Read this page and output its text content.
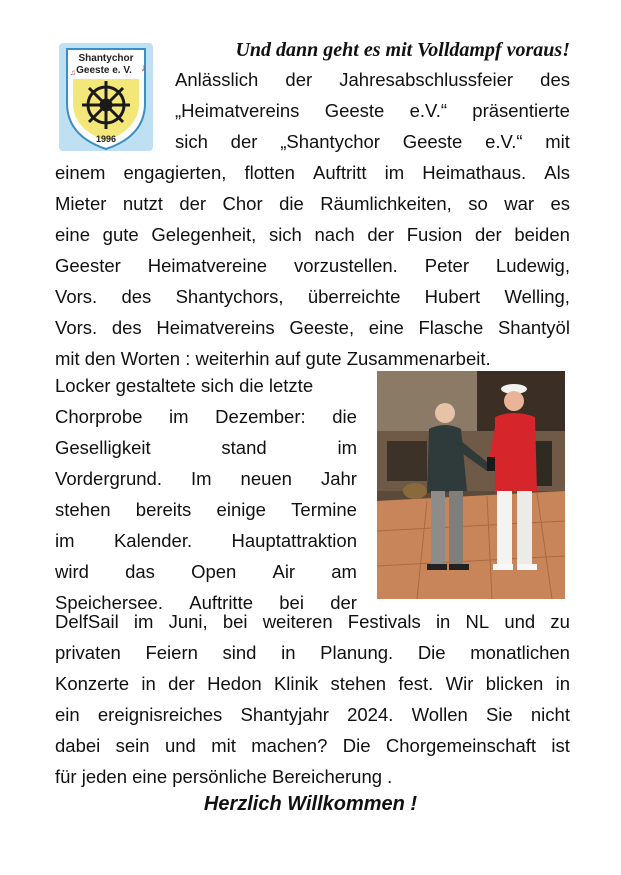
Shantychor
Geeste e. V. ♪
♫
1996
Und dann geht es mit Volldampf voraus!
Anlässlich der Jahresabschlussfeier des
„Heimatvereins Geeste e.V.“ präsentierte
sich der „Shantychor Geeste e.V.“ mit
einem engagierten, flotten Auftritt im Heimathaus. Als
Mieter nutzt der Chor die Räumlichkeiten, so war es
eine gute Gelegenheit, sich nach der Fusion der beiden
Geester Heimatvereine vorzustellen. Peter Ludewig,
Vors. des Shantychors, überreichte Hubert Welling,
Vors. des Heimatvereins Geeste, eine Flasche Shantyöl
mit den Worten : weiterhin auf gute Zusammenarbeit.
Locker gestaltete sich die letzte
Chorprobe im Dezember: die
Geselligkeit	stand	im
Vordergrund. Im neuen Jahr
stehen bereits einige Termine
im Kalender. Hauptattraktion
wird das Open Air am
Speichersee. Auftritte bei der
DelfSail im Juni, bei weiteren Festivals in NL und zu
privaten Feiern sind in Planung. Die monatlichen
Konzerte in der Hedon Klinik stehen fest. Wir blicken in
ein ereignisreiches Shantyjahr 2024. Wollen Sie nicht
dabei sein und mit machen? Die Chorgemeinschaft ist
für jeden eine persönliche Bereicherung .
Herzlich Willkommen !
